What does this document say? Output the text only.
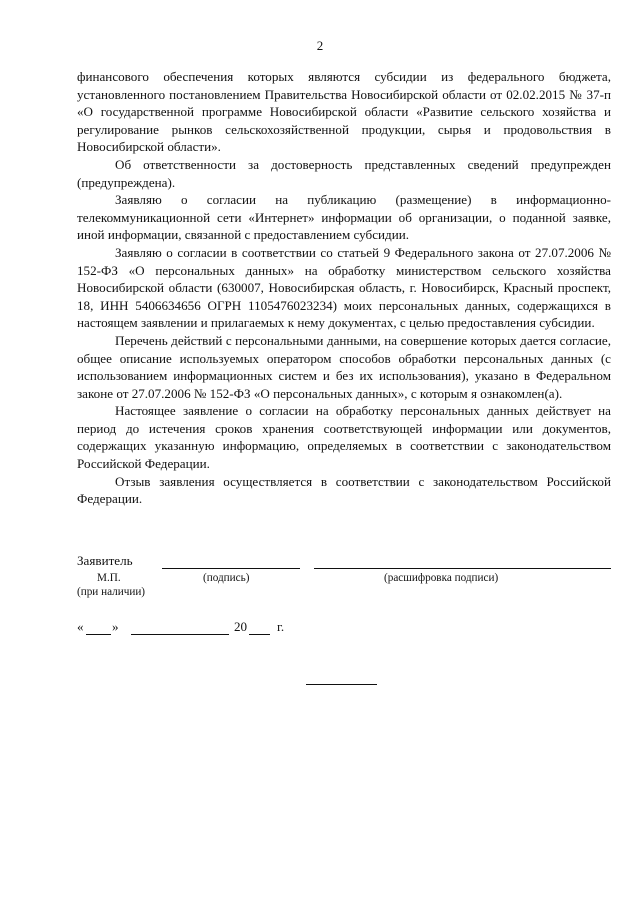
2

финансового обеспечения которых являются субсидии из федерального бюджета, установленного постановлением Правительства Новосибирской области от 02.02.2015 № 37-п «О государственной программе Новосибирской области «Развитие сельского хозяйства и регулирование рынков сельскохозяйственной продукции, сырья и продовольствия в Новосибирской области».

Об ответственности за достоверность представленных сведений предупрежден (предупреждена).

Заявляю о согласии на публикацию (размещение) в информационно-телекоммуникационной сети «Интернет» информации об организации, о поданной заявке, иной информации, связанной с предоставлением субсидии.

Заявляю о согласии в соответствии со статьей 9 Федерального закона от 27.07.2006 № 152-ФЗ «О персональных данных» на обработку министерством сельского хозяйства Новосибирской области (630007, Новосибирская область, г. Новосибирск, Красный проспект, 18, ИНН 5406634656 ОГРН 1105476023234) моих персональных данных, содержащихся в настоящем заявлении и прилагаемых к нему документах, с целью предоставления субсидии.

Перечень действий с персональными данными, на совершение которых дается согласие, общее описание используемых оператором способов обработки персональных данных (с использованием информационных систем и без их использования), указано в Федеральном законе от 27.07.2006 № 152-ФЗ «О персональных данных», с которым я ознакомлен(а).

Настоящее заявление о согласии на обработку персональных данных действует на период до истечения сроков хранения соответствующей информации или документов, содержащих указанную информацию, определяемых в соответствии с законодательством Российской Федерации.

Отзыв заявления осуществляется в соответствии с законодательством Российской Федерации.

Заявитель
М.П.	(подпись)	(расшифровка подписи)
(при наличии)
« »	20 г.
